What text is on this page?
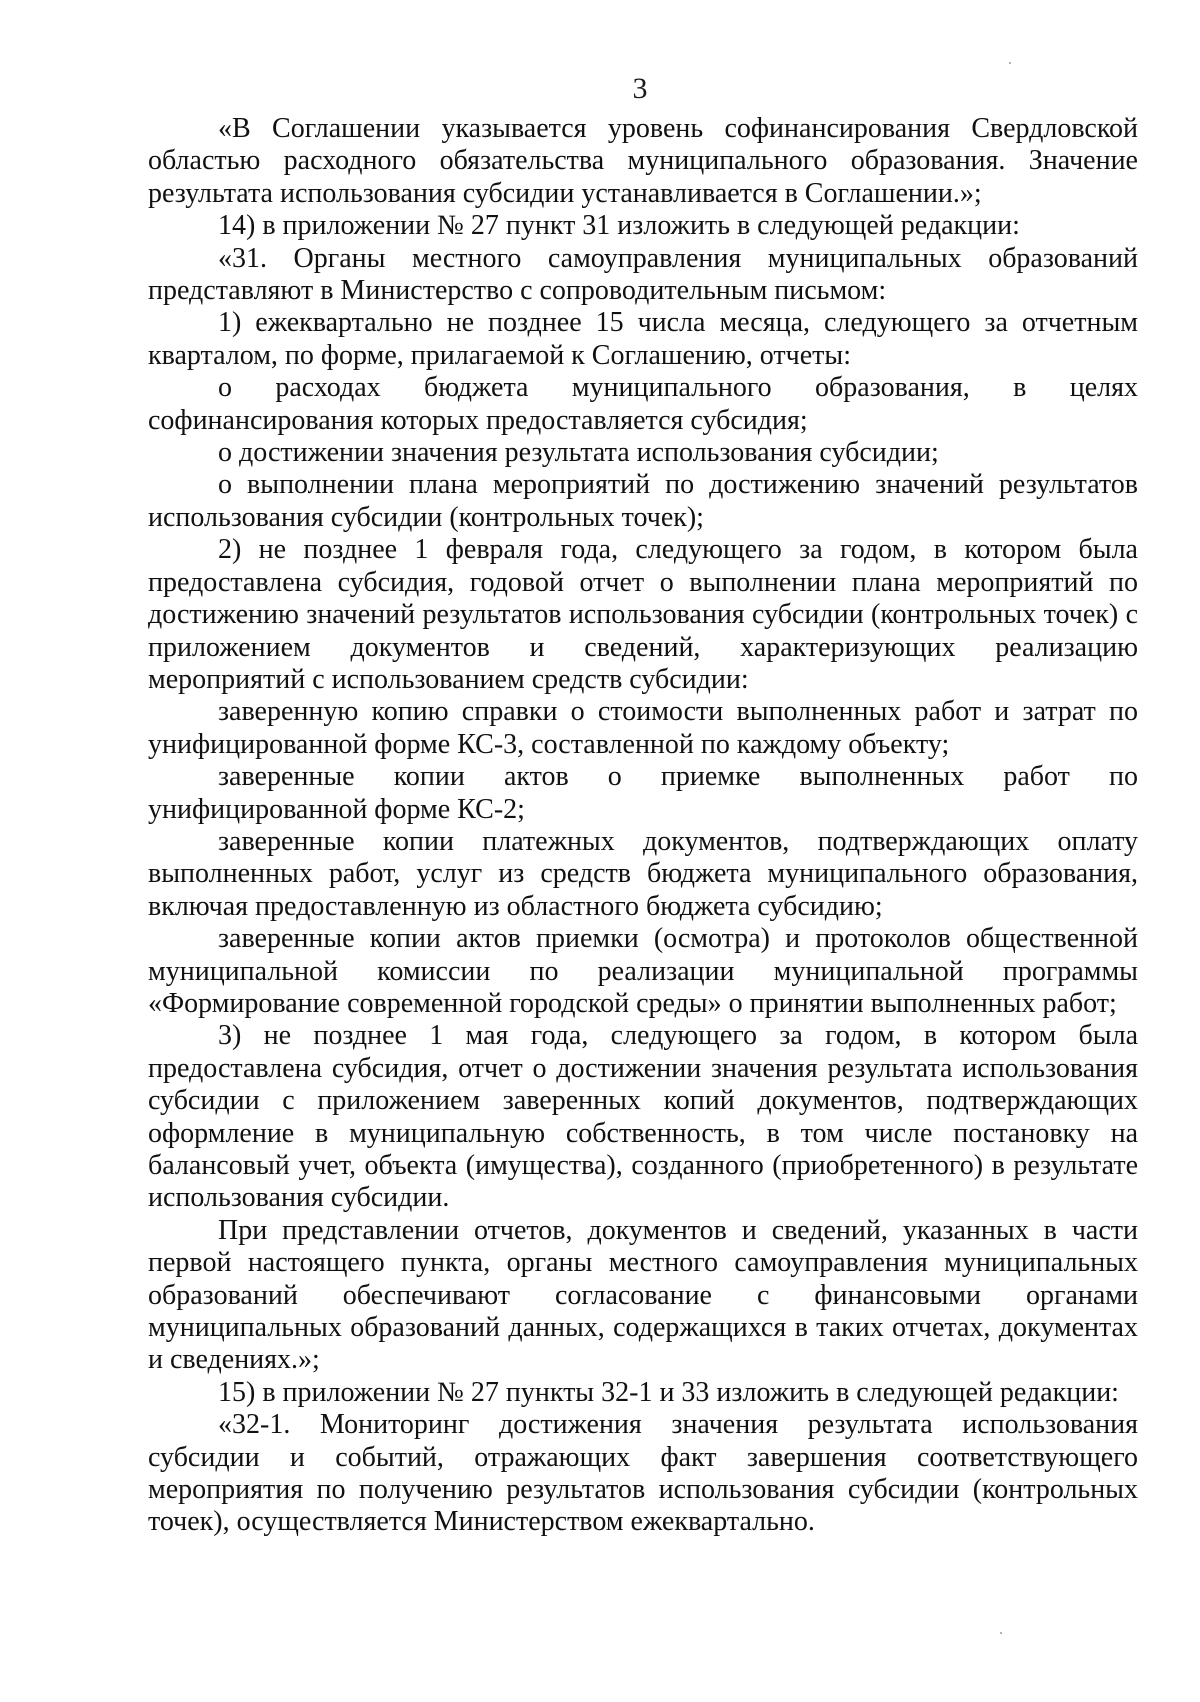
3

«В Соглашении указывается уровень софинансирования Свердловской областью расходного обязательства муниципального образования. Значение результата использования субсидии устанавливается в Соглашении.»;

14) в приложении № 27 пункт 31 изложить в следующей редакции:

«31. Органы местного самоуправления муниципальных образований представляют в Министерство с сопроводительным письмом:

1) ежеквартально не позднее 15 числа месяца, следующего за отчетным кварталом, по форме, прилагаемой к Соглашению, отчеты:

о расходах бюджета муниципального образования, в целях софинансирования которых предоставляется субсидия;

о достижении значения результата использования субсидии;

о выполнении плана мероприятий по достижению значений результатов использования субсидии (контрольных точек);

2) не позднее 1 февраля года, следующего за годом, в котором была предоставлена субсидия, годовой отчет о выполнении плана мероприятий по достижению значений результатов использования субсидии (контрольных точек) с приложением документов и сведений, характеризующих реализацию мероприятий с использованием средств субсидии:

заверенную копию справки о стоимости выполненных работ и затрат по унифицированной форме КС-3, составленной по каждому объекту;

заверенные копии актов о приемке выполненных работ по унифицированной форме КС-2;

заверенные копии платежных документов, подтверждающих оплату выполненных работ, услуг из средств бюджета муниципального образования, включая предоставленную из областного бюджета субсидию;

заверенные копии актов приемки (осмотра) и протоколов общественной муниципальной комиссии по реализации муниципальной программы «Формирование современной городской среды» о принятии выполненных работ;

3) не позднее 1 мая года, следующего за годом, в котором была предоставлена субсидия, отчет о достижении значения результата использования субсидии с приложением заверенных копий документов, подтверждающих оформление в муниципальную собственность, в том числе постановку на балансовый учет, объекта (имущества), созданного (приобретенного) в результате использования субсидии.

При представлении отчетов, документов и сведений, указанных в части первой настоящего пункта, органы местного самоуправления муниципальных образований обеспечивают согласование с финансовыми органами муниципальных образований данных, содержащихся в таких отчетах, документах и сведениях.»;

15) в приложении № 27 пункты 32-1 и 33 изложить в следующей редакции:

«32-1. Мониторинг достижения значения результата использования субсидии и событий, отражающих факт завершения соответствующего мероприятия по получению результатов использования субсидии (контрольных точек), осуществляется Министерством ежеквартально.
